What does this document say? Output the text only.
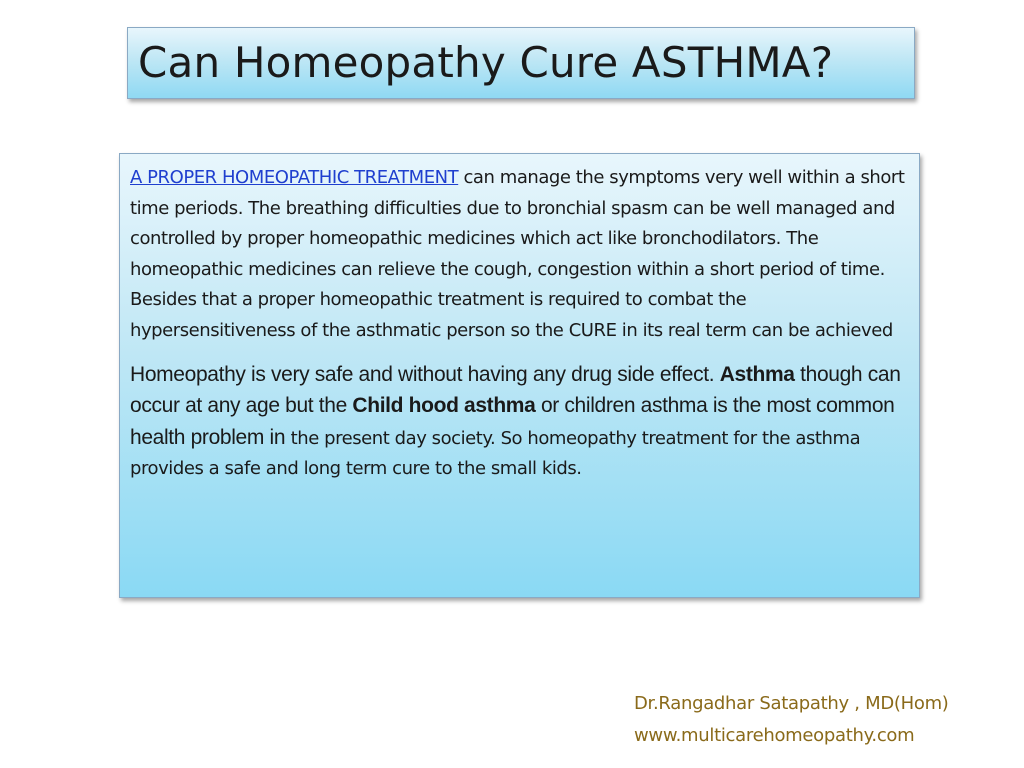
Can Homeopathy Cure ASTHMA?

A PROPER HOMEOPATHIC TREATMENT can manage the symptoms very well within a short time periods. The breathing difficulties due to bronchial spasm can be well managed and controlled by proper homeopathic medicines which act like bronchodilators. The homeopathic medicines can relieve the cough, congestion within a short period of time. Besides that a proper homeopathic treatment is required to combat the hypersensitiveness of the asthmatic person so the CURE in its real term can be achieved

Homeopathy is very safe and without having any drug side effect. Asthma though can occur at any age but the Child hood asthma or children asthma is the most common health problem in the present day society. So homeopathy treatment for the asthma provides a safe and long term cure to the small kids.

Dr.Rangadhar Satapathy , MD(Hom)
www.multicarehomeopathy.com
